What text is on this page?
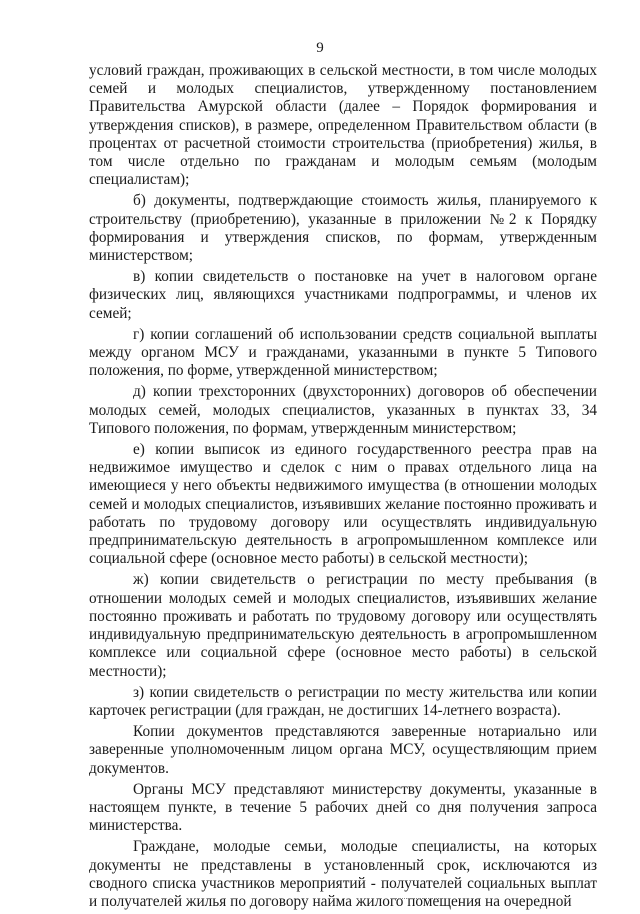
9

условий граждан, проживающих в сельской местности, в том числе молодых семей и молодых специалистов, утвержденному постановлением Правительства Амурской области (далее – Порядок формирования и утверждения списков), в размере, определенном Правительством области (в процентах от расчетной стоимости строительства (приобретения) жилья, в том числе отдельно по гражданам и молодым семьям (молодым специалистам);

б) документы, подтверждающие стоимость жилья, планируемого к строительству (приобретению), указанные в приложении №2 к Порядку формирования и утверждения списков, по формам, утвержденным министерством;

в) копии свидетельств о постановке на учет в налоговом органе физических лиц, являющихся участниками подпрограммы, и членов их семей;

г) копии соглашений об использовании средств социальной выплаты между органом МСУ и гражданами, указанными в пункте 5 Типового положения, по форме, утвержденной министерством;

д) копии трехсторонних (двухсторонних) договоров об обеспечении молодых семей, молодых специалистов, указанных в пунктах 33, 34 Типового положения, по формам, утвержденным министерством;

е) копии выписок из единого государственного реестра прав на недвижимое имущество и сделок с ним о правах отдельного лица на имеющиеся у него объекты недвижимого имущества (в отношении молодых семей и молодых специалистов, изъявивших желание постоянно проживать и работать по трудовому договору или осуществлять индивидуальную предпринимательскую деятельность в агропромышленном комплексе или социальной сфере (основное место работы) в сельской местности);

ж) копии свидетельств о регистрации по месту пребывания (в отношении молодых семей и молодых специалистов, изъявивших желание постоянно проживать и работать по трудовому договору или осуществлять индивидуальную предпринимательскую деятельность в агропромышленном комплексе или социальной сфере (основное место работы) в сельской местности);

з) копии свидетельств о регистрации по месту жительства или копии карточек регистрации (для граждан, не достигших 14-летнего возраста).

Копии документов представляются заверенные нотариально или заверенные уполномоченным лицом органа МСУ, осуществляющим прием документов.

Органы МСУ представляют министерству документы, указанные в настоящем пункте, в течение 5 рабочих дней со дня получения запроса министерства.

Граждане, молодые семьи, молодые специалисты, на которых документы не представлены в установленный срок, исключаются из сводного списка участников мероприятий - получателей социальных выплат и получателей жилья по договору найма жилого помещения на очередной
